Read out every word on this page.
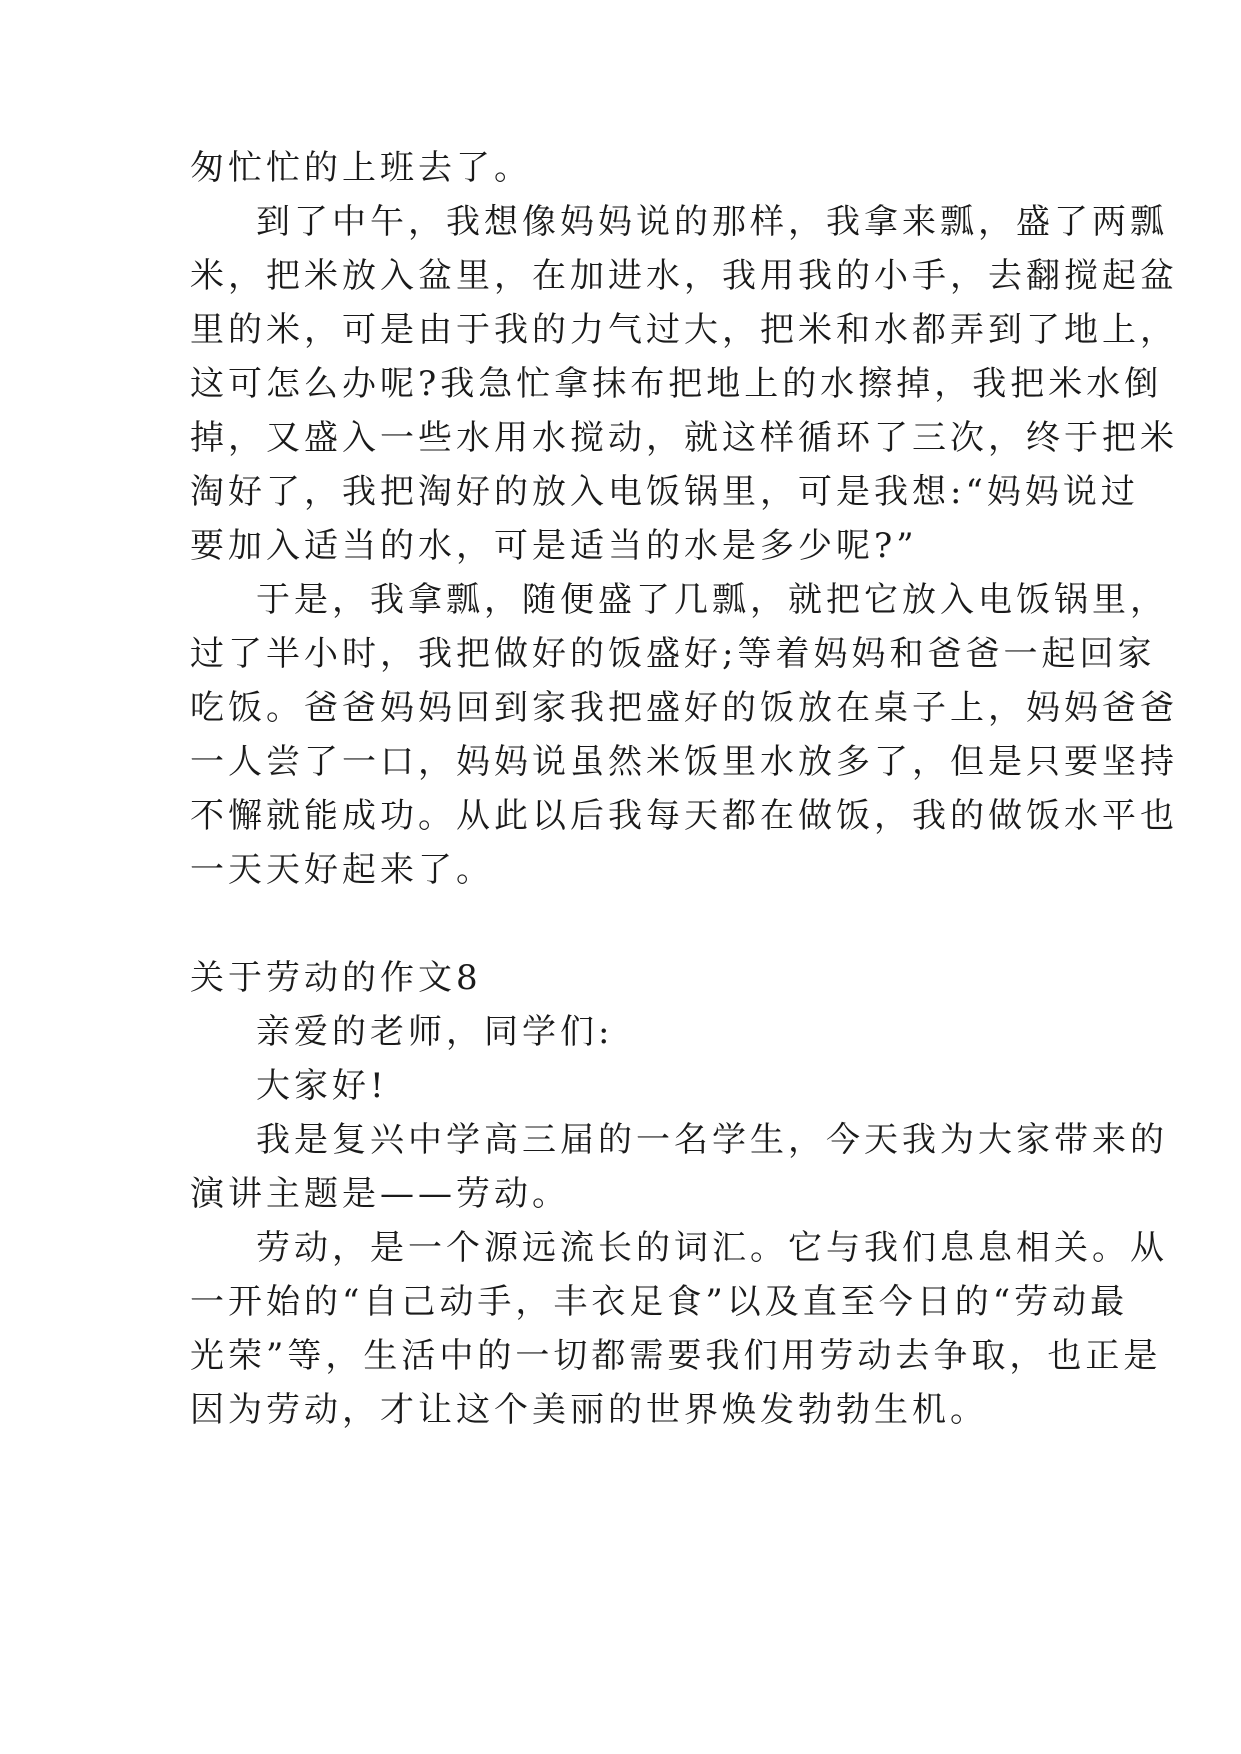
匆忙忙的上班去了。
到了中午，我想像妈妈说的那样，我拿来瓢，盛了两瓢
米，把米放入盆里，在加进水，我用我的小手，去翻搅起盆
里的米，可是由于我的力气过大，把米和水都弄到了地上，
这可怎么办呢?我急忙拿抹布把地上的水擦掉，我把米水倒
掉，又盛入一些水用水搅动，就这样循环了三次，终于把米
淘好了，我把淘好的放入电饭锅里，可是我想:“妈妈说过
要加入适当的水，可是适当的水是多少呢?”
于是，我拿瓢，随便盛了几瓢，就把它放入电饭锅里，
过了半小时，我把做好的饭盛好;等着妈妈和爸爸一起回家
吃饭。爸爸妈妈回到家我把盛好的饭放在桌子上，妈妈爸爸
一人尝了一口，妈妈说虽然米饭里水放多了，但是只要坚持
不懈就能成功。从此以后我每天都在做饭，我的做饭水平也
一天天好起来了。
关于劳动的作文8
亲爱的老师，同学们:
大家好!
我是复兴中学高三届的一名学生，今天我为大家带来的
演讲主题是——劳动。
劳动，是一个源远流长的词汇。它与我们息息相关。从
一开始的“自己动手，丰衣足食”以及直至今日的“劳动最
光荣”等，生活中的一切都需要我们用劳动去争取，也正是
因为劳动，才让这个美丽的世界焕发勃勃生机。
